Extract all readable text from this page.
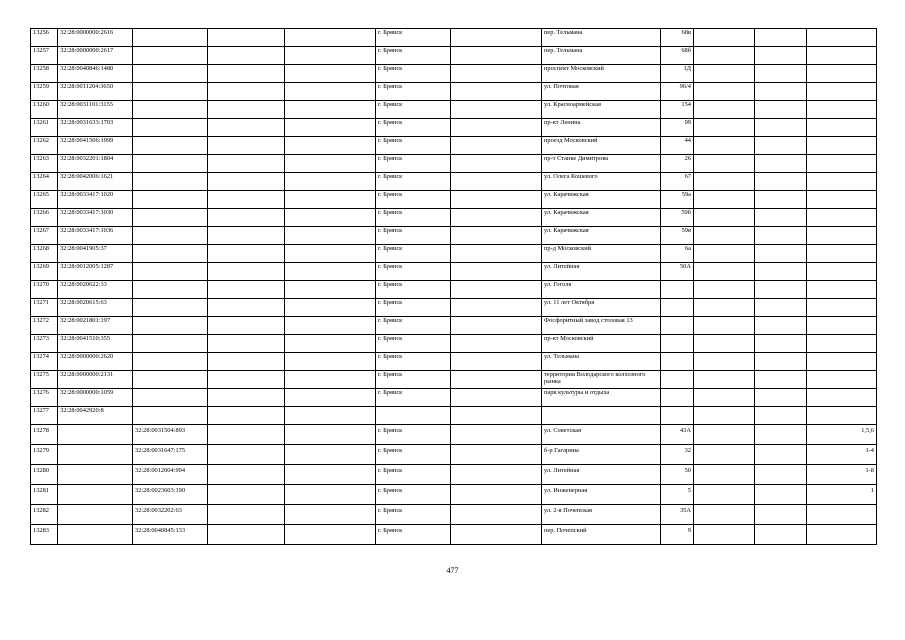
13256	32:28:0000000:2616				г. Брянск		пер. Тельмана	68в			
13257	32:28:0000000:2617				г. Брянск		пер. Тельмана	68б			
13258	32:28:0040846:1480				г. Брянск		проспект Московский	1Д			
13259	32:28:0011204:3650				г. Брянск		ул. Почтовая	96/4			
13260	32:28:0031101:3155				г. Брянск		ул. Красноармейская	154			
13261	32:28:0031633:1703				г. Брянск		пр-кт Ленина	99			
13262	32:28:0041506:1099				г. Брянск		проезд Московский	44			
13263	32:28:0032201:1804				г. Брянск		пр-т Станке Димитрова	26			
13264	32:28:0042006:1621				г. Брянск		ул. Олега Кошевого	67			
13265	32:28:0033417:1020				г. Брянск		ул. Карачижская	59а			
13266	32:28:0033417:1030				г. Брянск		ул. Карачижская	59б			
13267	32:28:0033417:1036				г. Брянск		ул. Карачижская	59в			
13268	32:28:0041905:37				г. Брянск		пр-д Московский	6а			
13269	32:28:0012005:1287				г. Брянск		ул. Литейная	50А			
13270	32:28:0020622:33				г. Брянск		ул. Гоголя				
13271	32:28:0020615:63				г. Брянск		ул. 11 лет Октября				
13272	32:28:0021801:197				г. Брянск		Фосфоритный завод столовая 13				
13273	32:28:0041510:355				г. Брянск		пр-кт Московский				
13274	32:28:0000000:2620				г. Брянск		ул. Тельмана				
13275	32:28:0000000:2131				г. Брянск		территория Володарского колхозного рынка				
13276	32:28:0000000:1059				г. Брянск		парк культуры и отдыха				
13277	32:28:0042920:8										
13278		32:28:0031504:893			г. Брянск		ул. Советская	43А			1,5,6
13279		32:28:0031647:175			г. Брянск		б-р Гагарина	32			1-4
13280		32:28:0012004:994			г. Брянск		ул. Литейная	50			1-8
13281		32:28:0023603:190			г. Брянск		ул. Инженерная	5			1
13282		32:28:0032202:63			г. Брянск		ул. 2-я Почепская	35А			
13283		32:28:0040845:133			г. Брянск		пер. Почепский	9			
477
